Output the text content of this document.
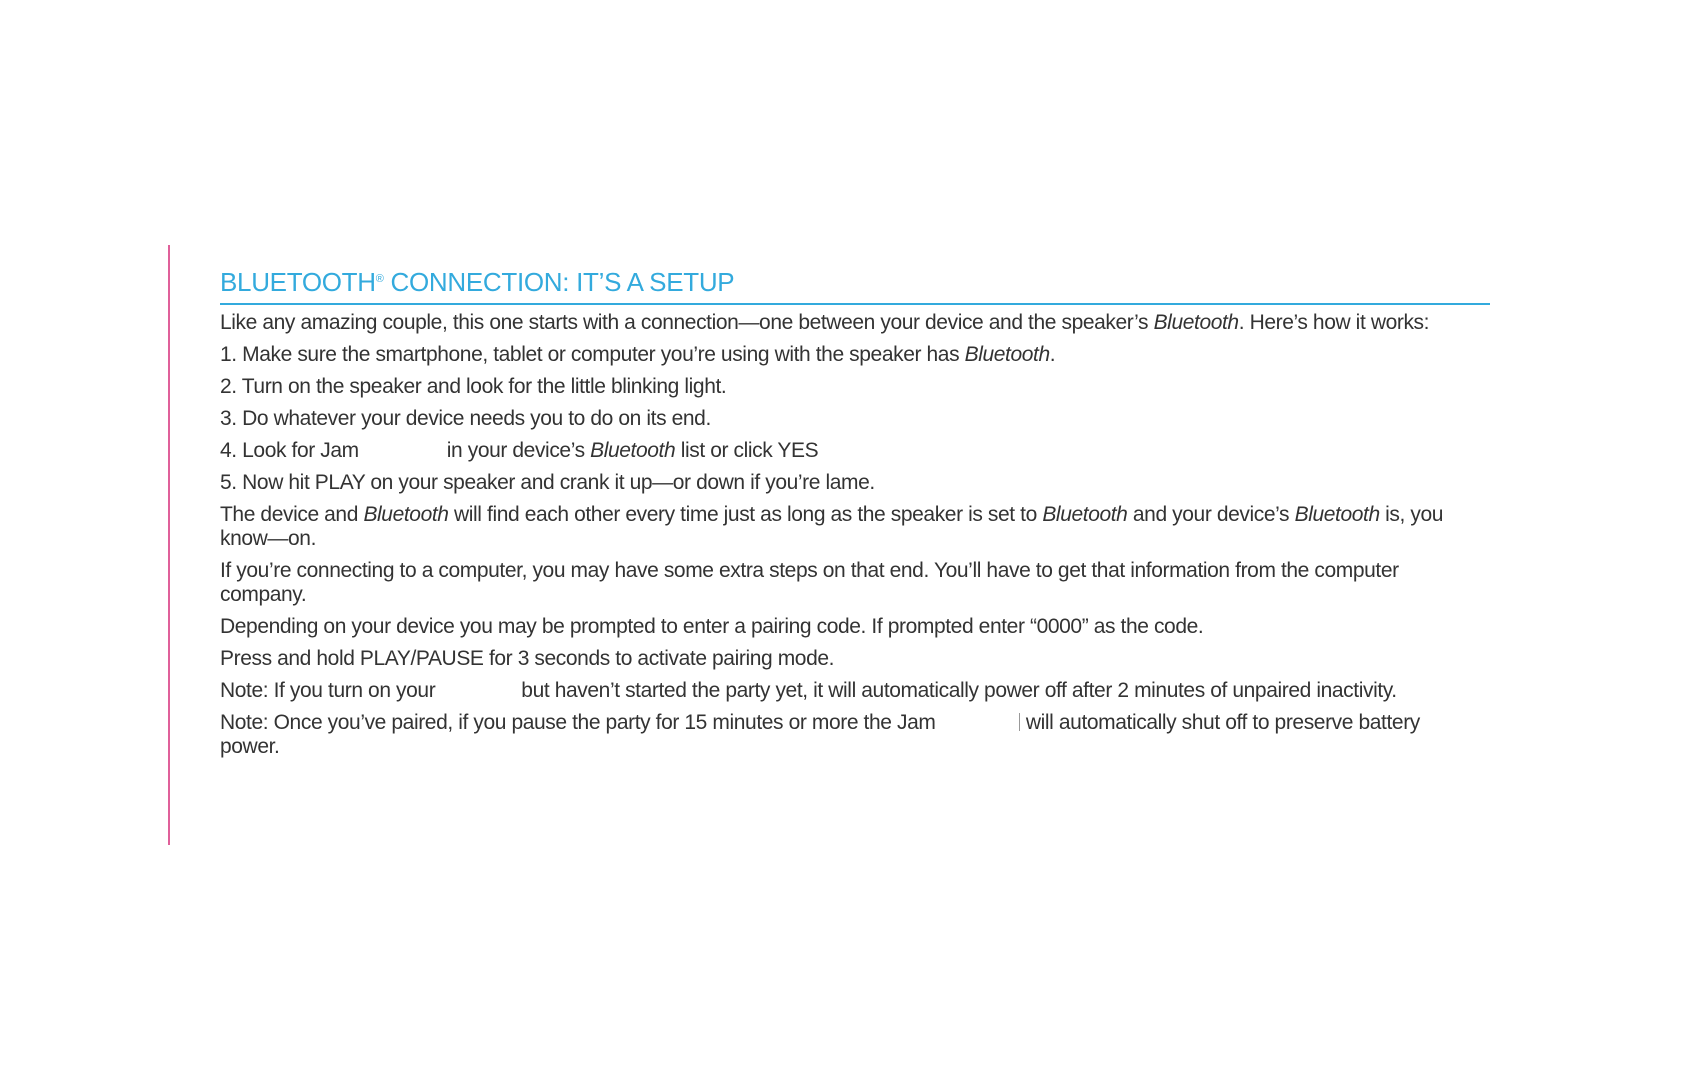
BLUETOOTH® CONNECTION: IT’S A SETUP

Like any amazing couple, this one starts with a connection—one between your device and the speaker’s Bluetooth. Here’s how it works:

1. Make sure the smartphone, tablet or computer you’re using with the speaker has Bluetooth.

2. Turn on the speaker and look for the little blinking light.

3. Do whatever your device needs you to do on its end.

4. Look for Jam	in your device’s Bluetooth list or click YES

5. Now hit PLAY on your speaker and crank it up—or down if you’re lame.

The device and Bluetooth will find each other every time just as long as the speaker is set to Bluetooth and your device’s Bluetooth is, you know—on.

If you’re connecting to a computer, you may have some extra steps on that end. You’ll have to get that information from the computer company.

Depending on your device you may be prompted to enter a pairing code. If prompted enter “0000” as the code.

Press and hold PLAY/PAUSE for 3 seconds to activate pairing mode.

Note: If you turn on your	but haven’t started the party yet, it will automatically power off after 2 minutes of unpaired inactivity.

Note: Once you’ve paired, if you pause the party for 15 minutes or more the Jam	will automatically shut off to preserve battery power.
